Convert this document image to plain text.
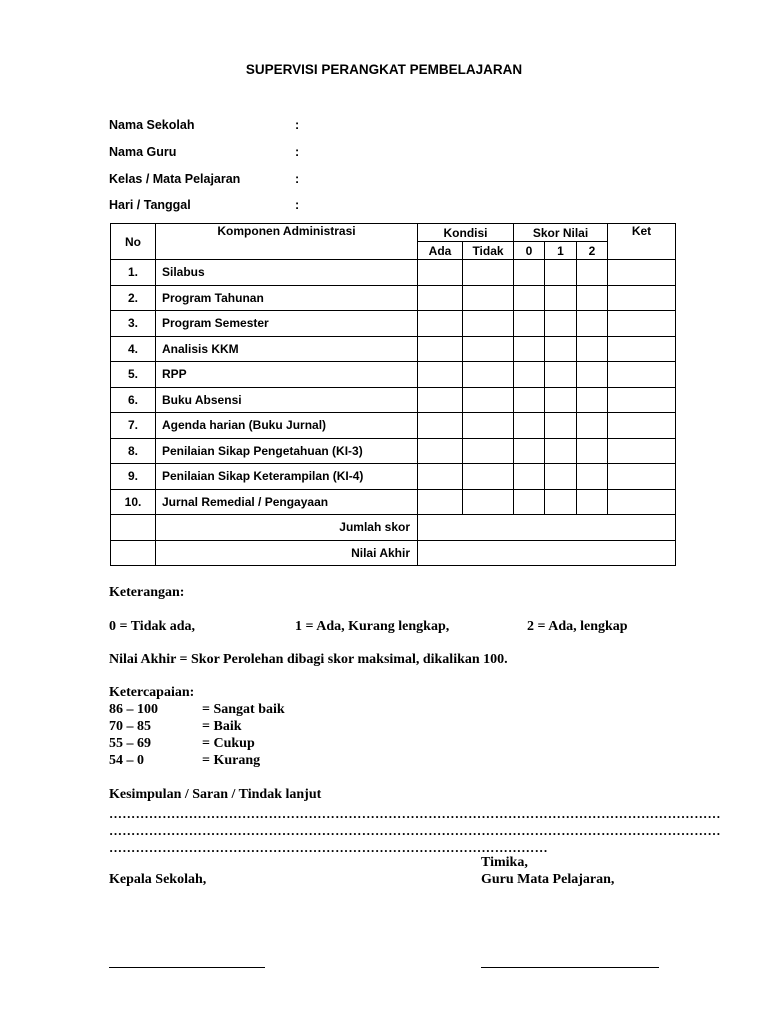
SUPERVISI PERANGKAT PEMBELAJARAN
Nama Sekolah	:
Nama Guru	:
Kelas / Mata Pelajaran	:
Hari / Tanggal	:
No	Komponen Administrasi	Kondisi		Skor Nilai			Ket
		Ada	Tidak	0	1	2	
1.	Silabus						
2.	Program Tahunan						
3.	Program Semester						
4.	Analisis KKM						
5.	RPP						
6.	Buku Absensi						
7.	Agenda harian (Buku Jurnal)						
8.	Penilaian Sikap Pengetahuan (KI-3)						
9.	Penilaian Sikap Keterampilan (KI-4)						
10.	Jurnal Remedial / Pengayaan						
	Jumlah skor						
	Nilai Akhir						
Keterangan:
0 = Tidak ada,	1 = Ada, Kurang lengkap,	2 = Ada, lengkap
Nilai Akhir = Skor Perolehan dibagi skor maksimal, dikalikan 100.
Ketercapaian:
86 – 100	= Sangat baik
70 – 85	= Baik
55 – 69	= Cukup
54 – 0	= Kurang
Kesimpulan / Saran / Tindak lanjut
…………………………………………………………………………………………………………………………
…………………………………………………………………………………………………………………………
………………………………………………………………………………………
Timika,
Kepala Sekolah,	Guru Mata Pelajaran,
